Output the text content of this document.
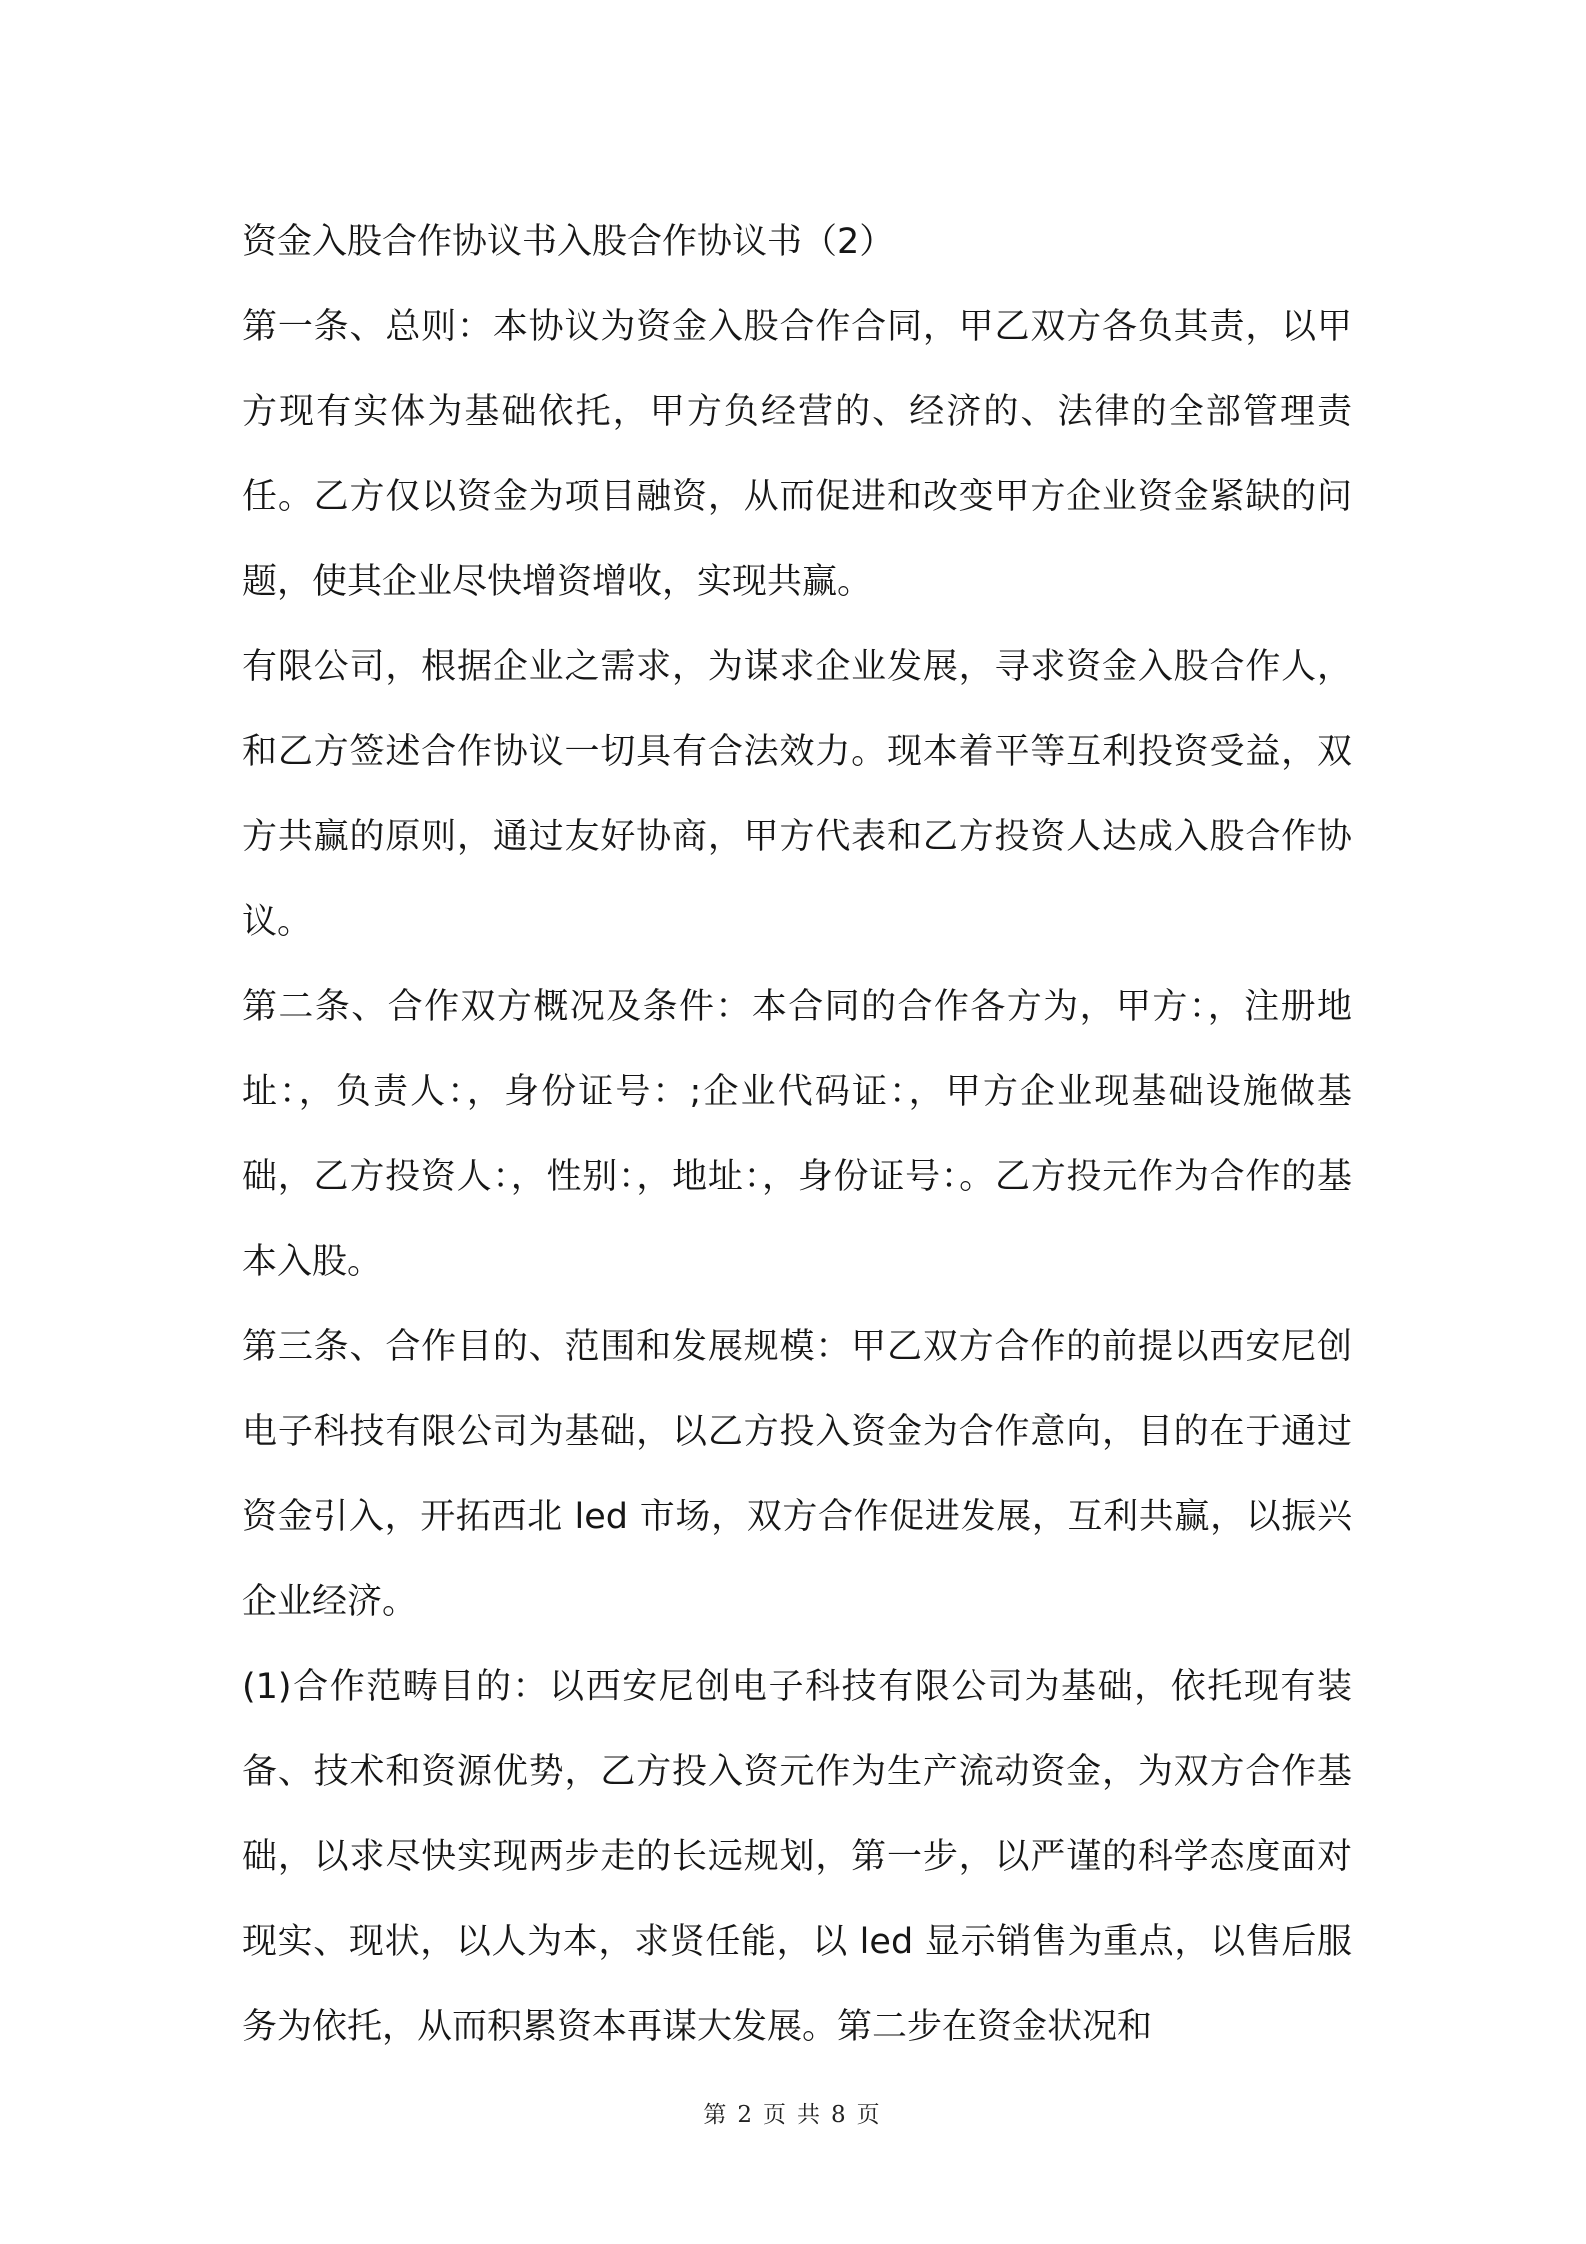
资金入股合作协议书入股合作协议书（2）

第一条、总则：本协议为资金入股合作合同，甲乙双方各负其责，以甲方现有实体为基础依托，甲方负经营的、经济的、法律的全部管理责任。乙方仅以资金为项目融资，从而促进和改变甲方企业资金紧缺的问题，使其企业尽快增资增收，实现共赢。

有限公司，根据企业之需求，为谋求企业发展，寻求资金入股合作人，和乙方签述合作协议一切具有合法效力。现本着平等互利投资受益，双方共赢的原则，通过友好协商，甲方代表和乙方投资人达成入股合作协议。

第二条、合作双方概况及条件：本合同的合作各方为，甲方：，注册地址：，负责人：，身份证号：;企业代码证：，甲方企业现基础设施做基础，乙方投资人：，性别：，地址：，身份证号：。乙方投元作为合作的基本入股。

第三条、合作目的、范围和发展规模：甲乙双方合作的前提以西安尼创电子科技有限公司为基础，以乙方投入资金为合作意向，目的在于通过资金引入，开拓西北 led 市场，双方合作促进发展，互利共赢，以振兴企业经济。

(1)合作范畴目的：以西安尼创电子科技有限公司为基础，依托现有装备、技术和资源优势，乙方投入资元作为生产流动资金，为双方合作基础，以求尽快实现两步走的长远规划，第一步，以严谨的科学态度面对现实、现状，以人为本，求贤任能，以 led 显示销售为重点，以售后服务为依托，从而积累资本再谋大发展。第二步在资金状况和

第 2 页 共 8 页
